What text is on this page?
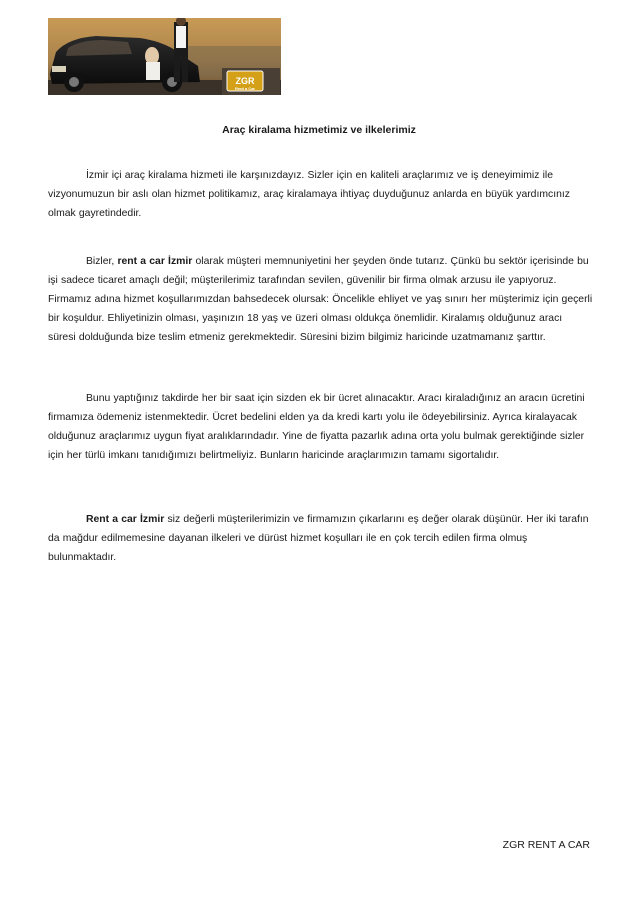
ZGR
Rent a Car
Araç kiralama hizmetimiz ve ilkelerimiz

İzmir içi araç kiralama hizmeti ile karşınızdayız. Sizler için en kaliteli araçlarımız ve iş deneyimimiz ile vizyonumuzun bir aslı olan hizmet politikamız, araç kiralamaya ihtiyaç duyduğunuz anlarda en büyük yardımcınız olmak gayretindedir.

Bizler, rent a car İzmir olarak müşteri memnuniyetini her şeyden önde tutarız. Çünkü bu sektör içerisinde bu işi sadece ticaret amaçlı değil; müşterilerimiz tarafından sevilen, güvenilir bir firma olmak arzusu ile yapıyoruz. Firmamız adına hizmet koşullarımızdan bahsedecek olursak: Öncelikle ehliyet ve yaş sınırı her müşterimiz için geçerli bir koşuldur. Ehliyetinizin olması, yaşınızın 18 yaş ve üzeri olması oldukça önemlidir. Kiralamış olduğunuz aracı süresi dolduğunda bize teslim etmeniz gerekmektedir. Süresini bizim bilgimiz haricinde uzatmamanız şarttır.

Bunu yaptığınız takdirde her bir saat için sizden ek bir ücret alınacaktır. Aracı kiraladığınız an aracın ücretini firmamıza ödemeniz istenmektedir. Ücret bedelini elden ya da kredi kartı yolu ile ödeyebilirsiniz. Ayrıca kiralayacak olduğunuz araçlarımız uygun fiyat aralıklarındadır. Yine de fiyatta pazarlık adına orta yolu bulmak gerektiğinde sizler için her türlü imkanı tanıdığımızı belirtmeliyiz. Bunların haricinde araçlarımızın tamamı sigortalıdır.

Rent a car İzmir siz değerli müşterilerimizin ve firmamızın çıkarlarını eş değer olarak düşünür. Her iki tarafın da mağdur edilmemesine dayanan ilkeleri ve dürüst hizmet koşulları ile en çok tercih edilen firma olmuş bulunmaktadır.

ZGR RENT A CAR
